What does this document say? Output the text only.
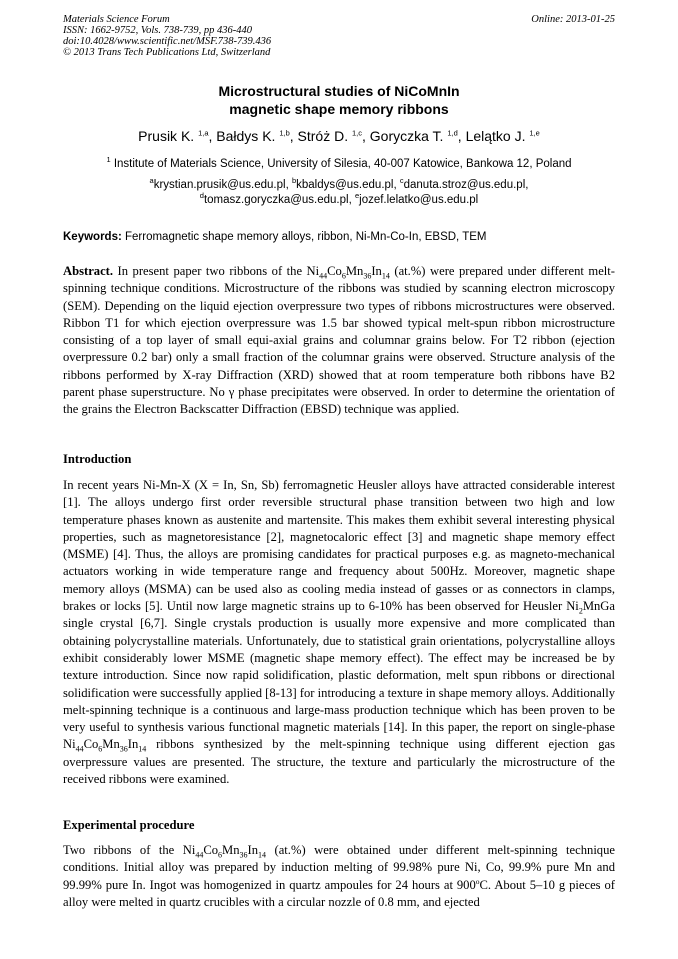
Materials Science Forum
ISSN: 1662-9752, Vols. 738-739, pp 436-440
doi:10.4028/www.scientific.net/MSF.738-739.436
© 2013 Trans Tech Publications Ltd, Switzerland
Online: 2013-01-25
Microstructural studies of NiCoMnIn
magnetic shape memory ribbons
Prusik K. $^{1,a}$, Bałdys K. $^{1,b}$, Stróż D. $^{1,c}$, Goryczka T. $^{1,d}$, Lelątko J. $^{1,e}$
$^1$ Institute of Materials Science, University of Silesia, 40-007 Katowice, Bankowa 12, Poland
$^a$krystian.prusik@us.edu.pl, $^b$kbaldys@us.edu.pl, $^c$danuta.stroz@us.edu.pl,
$^d$tomasz.goryczka@us.edu.pl, $^e$jozef.lelatko@us.edu.pl
Keywords: Ferromagnetic shape memory alloys, ribbon, Ni-Mn-Co-In, EBSD, TEM
Abstract. In present paper two ribbons of the $Ni_{44}Co_6Mn_{36}In_{14}$ (at.%) were prepared under different melt-spinning technique conditions. Microstructure of the ribbons was studied by scanning electron microscopy (SEM). Depending on the liquid ejection overpressure two types of ribbons microstructures were observed. Ribbon T1 for which ejection overpressure was 1.5 bar showed typical melt-spun ribbon microstructure consisting of a top layer of small equi-axial grains and columnar grains below. For T2 ribbon (ejection overpressure 0.2 bar) only a small fraction of the columnar grains were observed. Structure analysis of the ribbons performed by X-ray Diffraction (XRD) showed that at room temperature both ribbons have B2 parent phase superstructure. No γ phase precipitates were observed. In order to determine the orientation of the grains the Electron Backscatter Diffraction (EBSD) technique was applied.
Introduction
In recent years Ni-Mn-X (X = In, Sn, Sb) ferromagnetic Heusler alloys have attracted considerable interest [1]. The alloys undergo first order reversible structural phase transition between two high and low temperature phases known as austenite and martensite. This makes them exhibit several interesting physical properties, such as magnetoresistance [2], magnetocaloric effect [3] and magnetic shape memory effect (MSME) [4]. Thus, the alloys are promising candidates for practical purposes e.g. as magneto-mechanical actuators working in wide temperature range and frequency about 500Hz. Moreover, magnetic shape memory alloys (MSMA) can be used also as cooling media instead of gasses or as connectors in clamps, brakes or locks [5]. Until now large magnetic strains up to 6-10% has been observed for Heusler $Ni_2MnGa$ single crystal [6,7]. Single crystals production is usually more expensive and more complicated than obtaining polycrystalline materials. Unfortunately, due to statistical grain orientations, polycrystalline alloys exhibit considerably lower MSME (magnetic shape memory effect). The effect may be increased be by texture introduction. Since now rapid solidification, plastic deformation, melt spun ribbons or directional solidification were successfully applied [8-13] for introducing a texture in shape memory alloys. Additionally melt-spinning technique is a continuous and large-mass production technique which has been proven to be very useful to synthesis various functional magnetic materials [14]. In this paper, the report on single-phase $Ni_{44}Co_6Mn_{36}In_{14}$ ribbons synthesized by the melt-spinning technique using different ejection gas overpressure values are presented. The structure, the texture and particularly the microstructure of the received ribbons were examined.
Experimental procedure
Two ribbons of the $Ni_{44}Co_6Mn_{36}In_{14}$ (at.%) were obtained under different melt-spinning technique conditions. Initial alloy was prepared by induction melting of 99.98% pure Ni, Co, 99.9% pure Mn and 99.99% pure In. Ingot was homogenized in quartz ampoules for 24 hours at 900$^o$C. About 5–10 g pieces of alloy were melted in quartz crucibles with a circular nozzle of 0.8 mm, and ejected
